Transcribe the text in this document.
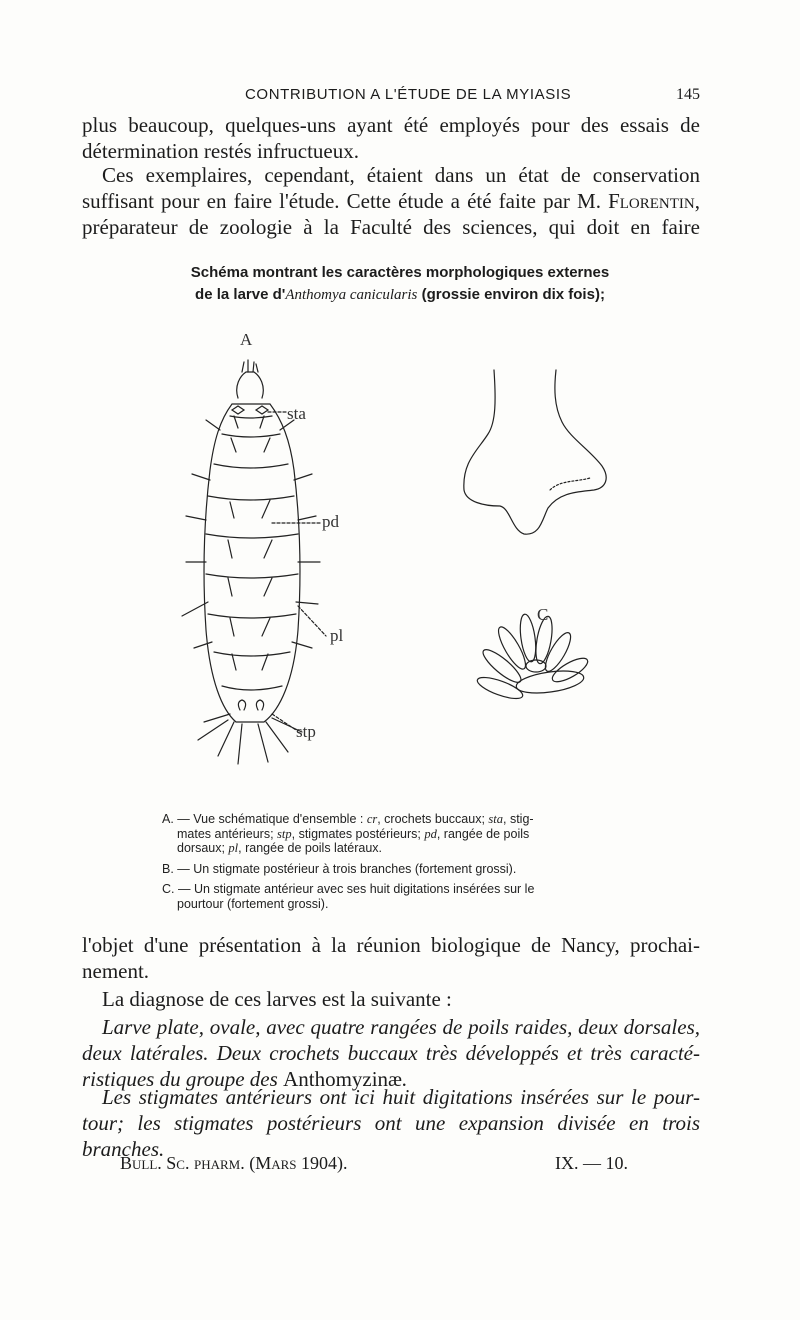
CONTRIBUTION A L'ÉTUDE DE LA MYIASIS	145
plus beaucoup, quelques-uns ayant été employés pour des essais de
détermination restés infructueux.
Ces exemplaires, cependant, étaient dans un état de conservation
suffisant pour en faire l'étude. Cette étude a été faite par M. Florentin,
préparateur de zoologie à la Faculté des sciences, qui doit en faire
Schéma montrant les caractères morphologiques externes
de la larve d'Anthomya canicularis (grossie environ dix fois);
A
C
sta
pd
pl
stp
A. — Vue schématique d'ensemble : cr, crochets buccaux; sta, stig-
mates antérieurs; stp, stigmates postérieurs; pd, rangée de poils
dorsaux; pl, rangée de poils latéraux.
B. — Un stigmate postérieur à trois branches (fortement grossi).
C. — Un stigmate antérieur avec ses huit digitations insérées sur le
pourtour (fortement grossi).
l'objet d'une présentation à la réunion biologique de Nancy, prochai-
nement.
La diagnose de ces larves est la suivante :
Larve plate, ovale, avec quatre rangées de poils raides, deux dorsales,
deux latérales. Deux crochets buccaux très développés et très caracté-
ristiques du groupe des Anthomyzinæ.
Les stigmates antérieurs ont ici huit digitations insérées sur le pour-
tour; les stigmates postérieurs ont une expansion divisée en trois
branches.
Bull. Sc. pharm. (Mars 1904).	IX. — 10.
